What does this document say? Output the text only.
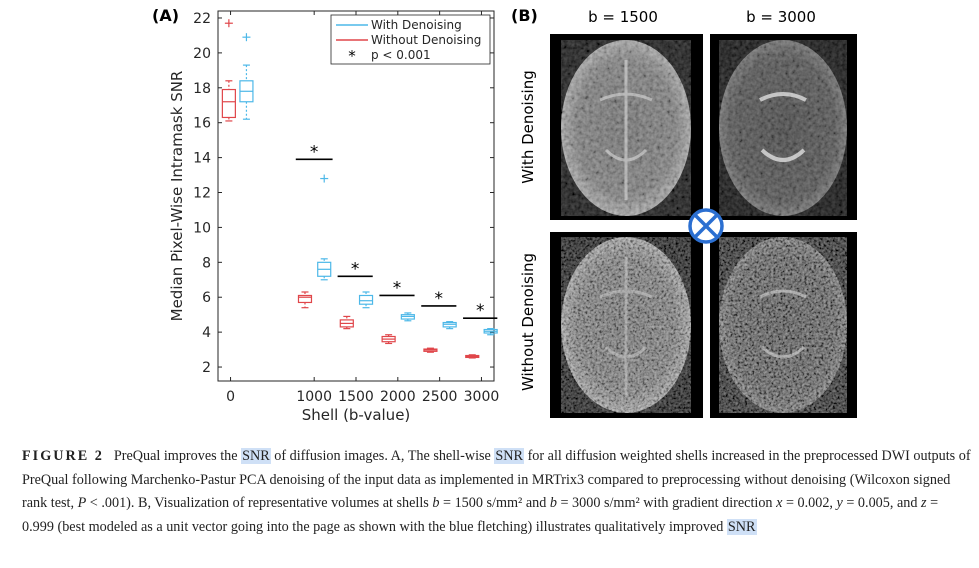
(A)
2
4
6
8
10
12
14
16
18
20
22
0	1000 1500 2000 2500 3000
Shell (b-value)
Median Pixel-Wise Intramask SNR	*
*
*
*
*
With Denoising
Without Denoising
* p < 0.001
(B)	b = 1500	b = 3000
With Denoising
Without Denoising
FIGURE 2 PreQual improves the SNR of diffusion images. A, The shell-wise SNR for all diffusion weighted shells increased in the preprocessed DWI outputs of PreQual following Marchenko-Pastur PCA denoising of the input data as implemented in MRTrix3 compared to preprocessing without denoising (Wilcoxon signed rank test, P < .001). B, Visualization of representative volumes at shells b = 1500 s/mm² and b = 3000 s/mm² with gradient direction x = 0.002, y = 0.005, and z = 0.999 (best modeled as a unit vector going into the page as shown with the blue fletching) illustrates qualitatively improved SNR
